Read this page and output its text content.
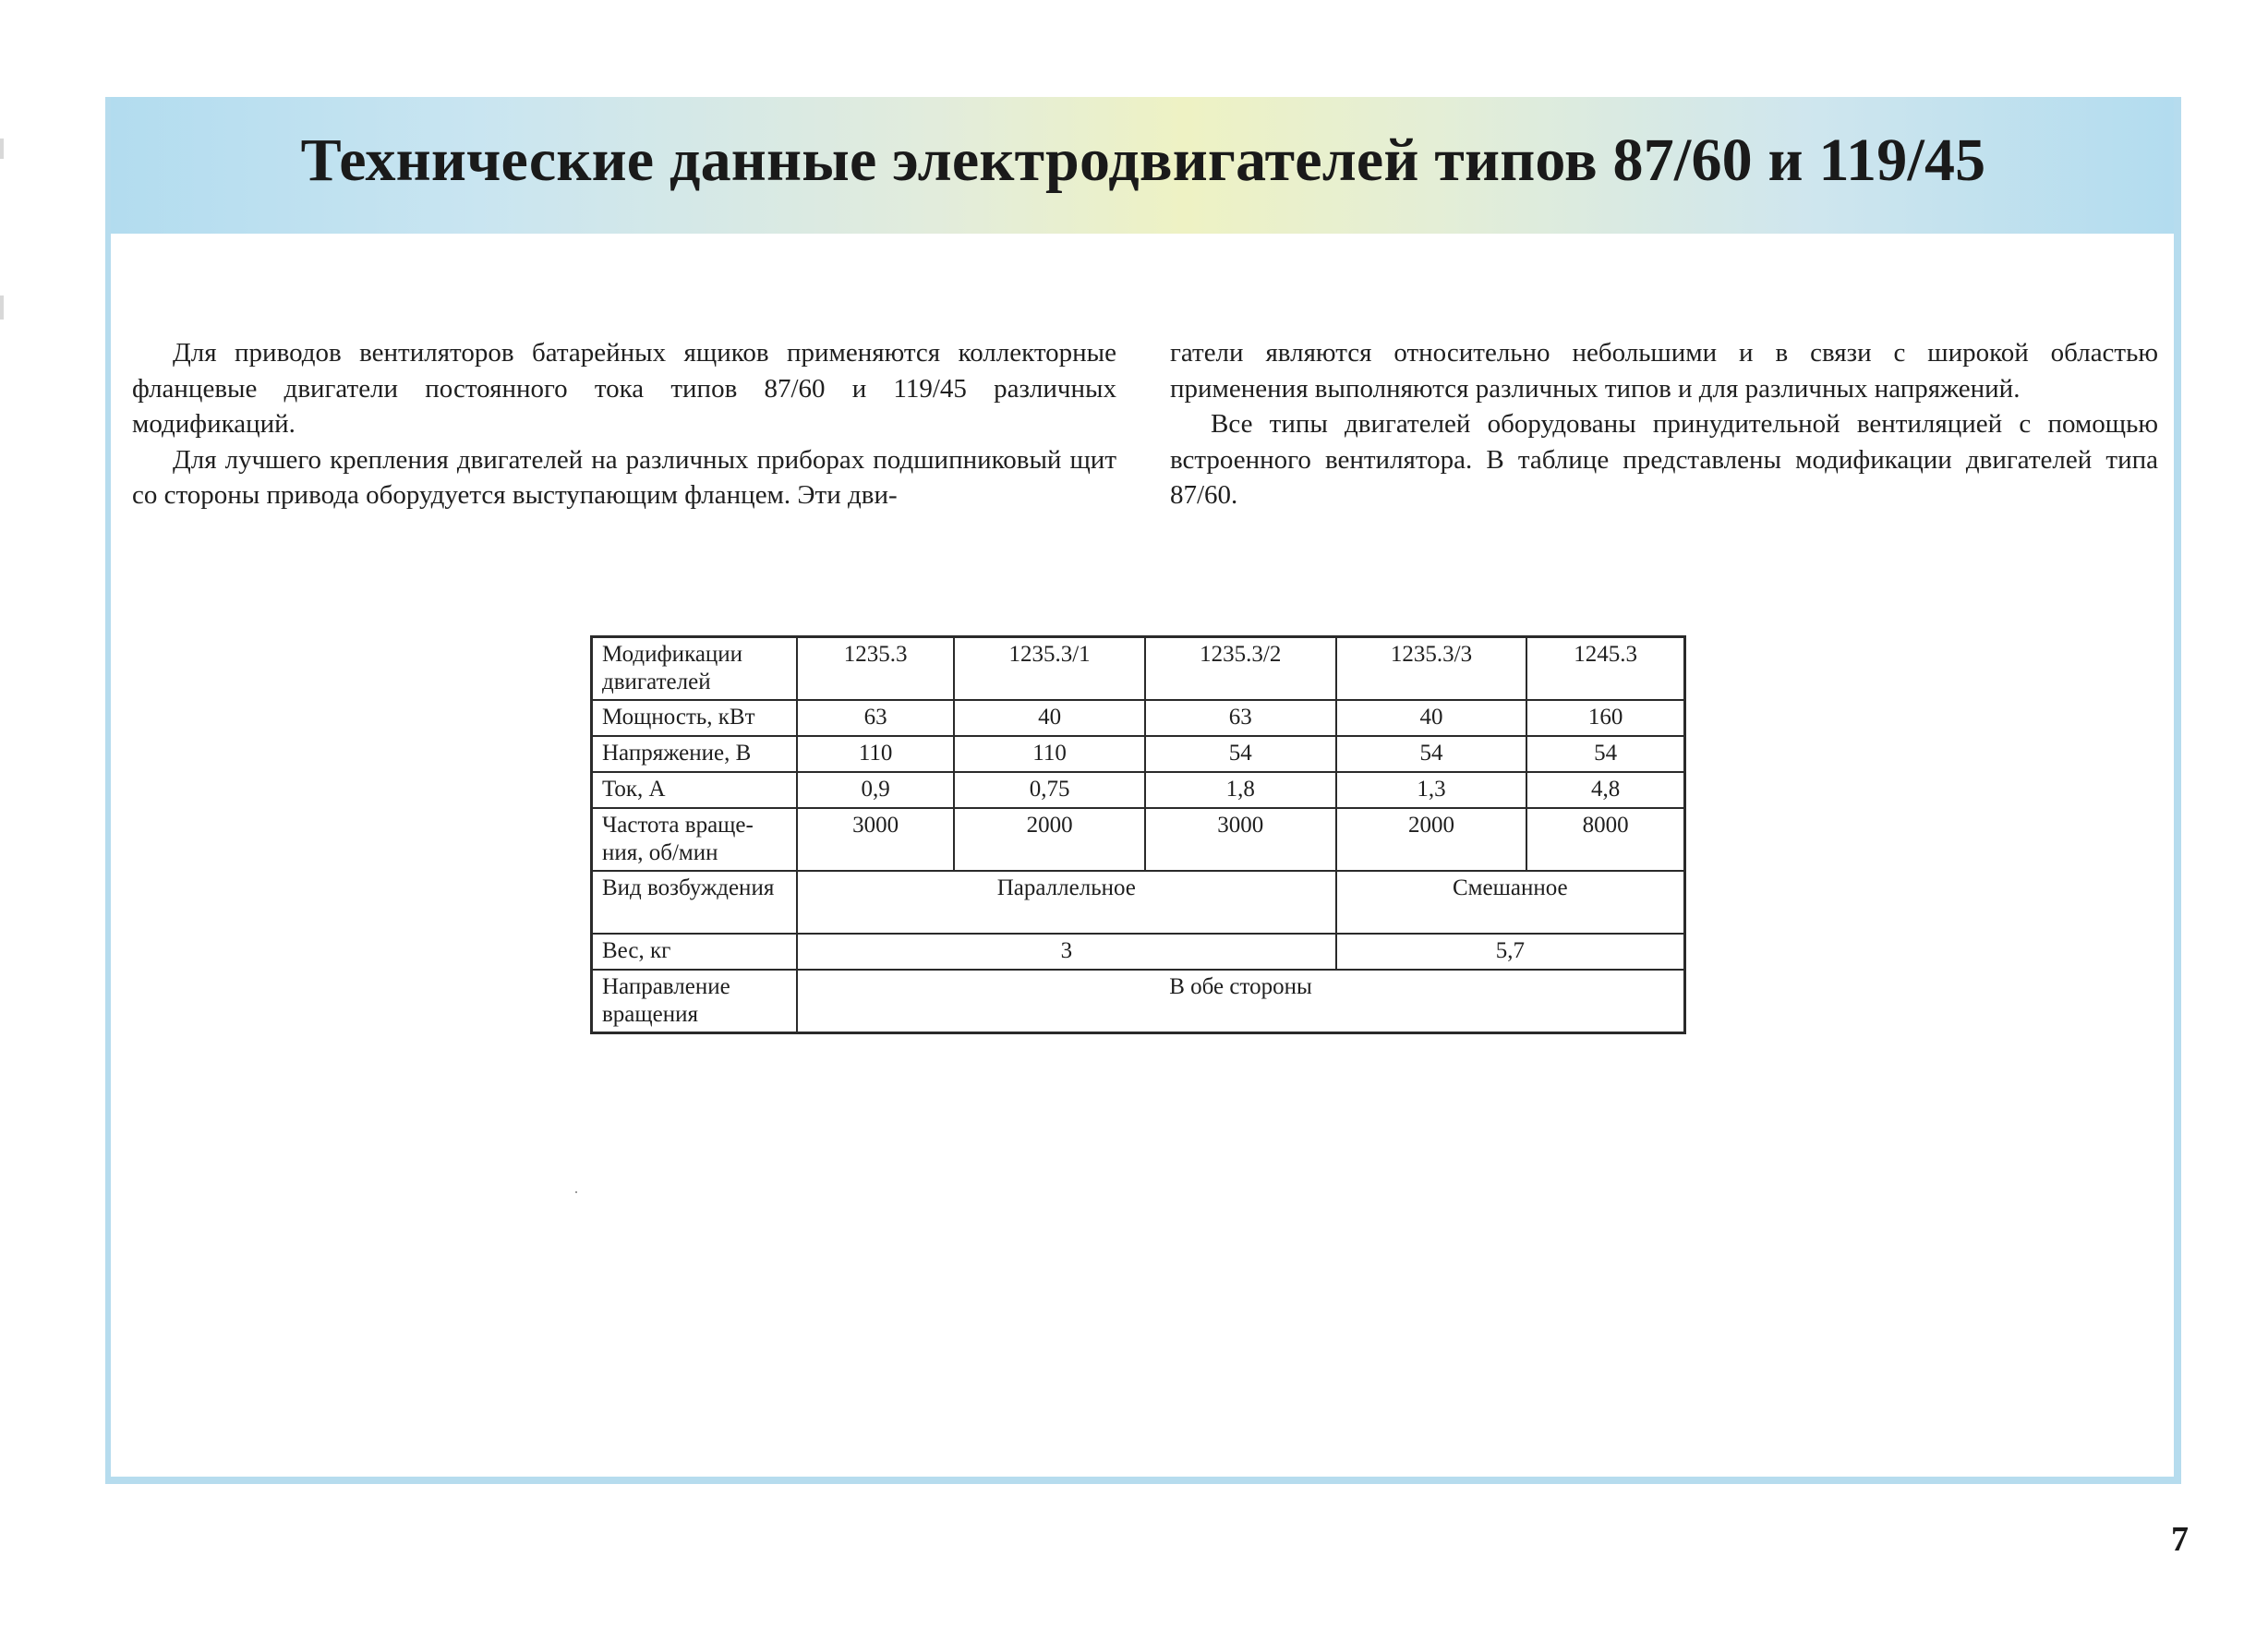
Технические данные электродвигателей типов 87/60 и 119/45

Для приводов вентиляторов батарейных ящиков применяются коллекторные фланцевые двигатели постоянного тока типов 87/60 и 119/45 различных модификаций.

Для лучшего крепления двигателей на различных приборах подшипниковый щит со стороны привода оборудуется выступающим фланцем. Эти дви-

гатели являются относительно небольшими и в связи с широкой областью применения выполняются различных типов и для различных напряжений.

Все типы двигателей оборудованы принудительной вентиляцией с помощью встроенного вентилятора. В таблице представлены модификации двигателей типа 87/60.

Модификации двигателей	1235.3	1235.3/1	1235.3/2	1235.3/3	1245.3
Мощность, кВт	63	40	63	40	160
Напряжение, В	110	110	54	54	54
Ток, А	0,9	0,75	1,8	1,3	4,8
Частота вращения, об/мин	3000	2000	3000	2000	8000
Вид возбуждения	Параллельное			Смешанное	
Вес, кг	3			5,7	
Направление вращения	В обе стороны				
7
